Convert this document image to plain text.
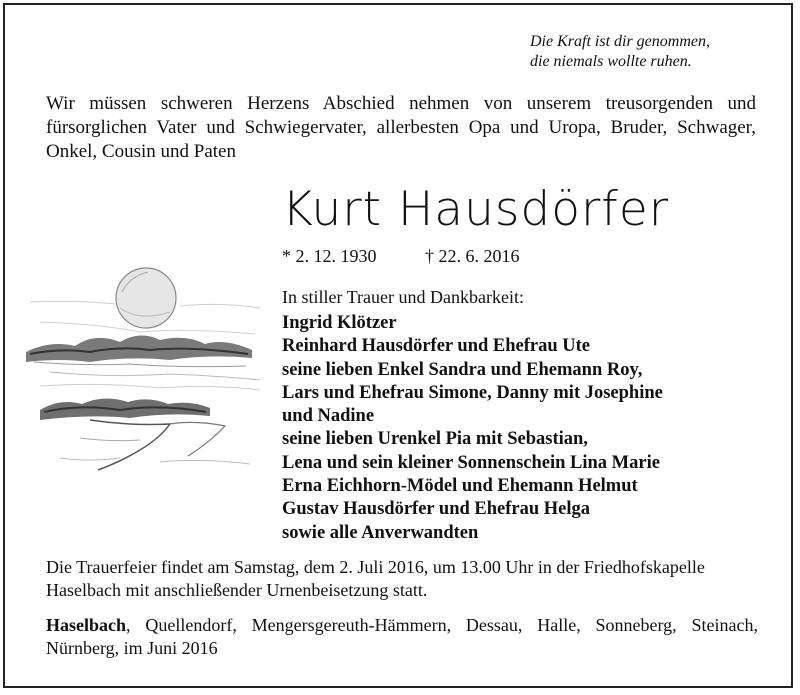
Die Kraft ist dir genommen,
die niemals wollte ruhen.

Wir müssen schweren Herzens Abschied nehmen von unserem treusorgenden und fürsorglichen Vater und Schwiegervater, allerbesten Opa und Uropa, Bruder, Schwager, Onkel, Cousin und Paten

Kurt Hausdörfer
* 2. 12. 1930	† 22. 6. 2016
In stiller Trauer und Dankbarkeit:
Ingrid Klötzer
Reinhard Hausdörfer und Ehefrau Ute
seine lieben Enkel Sandra und Ehemann Roy,
Lars und Ehefrau Simone, Danny mit Josephine
und Nadine
seine lieben Urenkel Pia mit Sebastian,
Lena und sein kleiner Sonnenschein Lina Marie
Erna Eichhorn-Mödel und Ehemann Helmut
Gustav Hausdörfer und Ehefrau Helga
sowie alle Anverwandten

Die Trauerfeier findet am Samstag, dem 2. Juli 2016, um 13.00 Uhr in der Friedhofskapelle Haselbach mit anschließender Urnenbeisetzung statt.

Haselbach, Quellendorf, Mengersgereuth-Hämmern, Dessau, Halle, Sonneberg, Steinach, Nürnberg, im Juni 2016
